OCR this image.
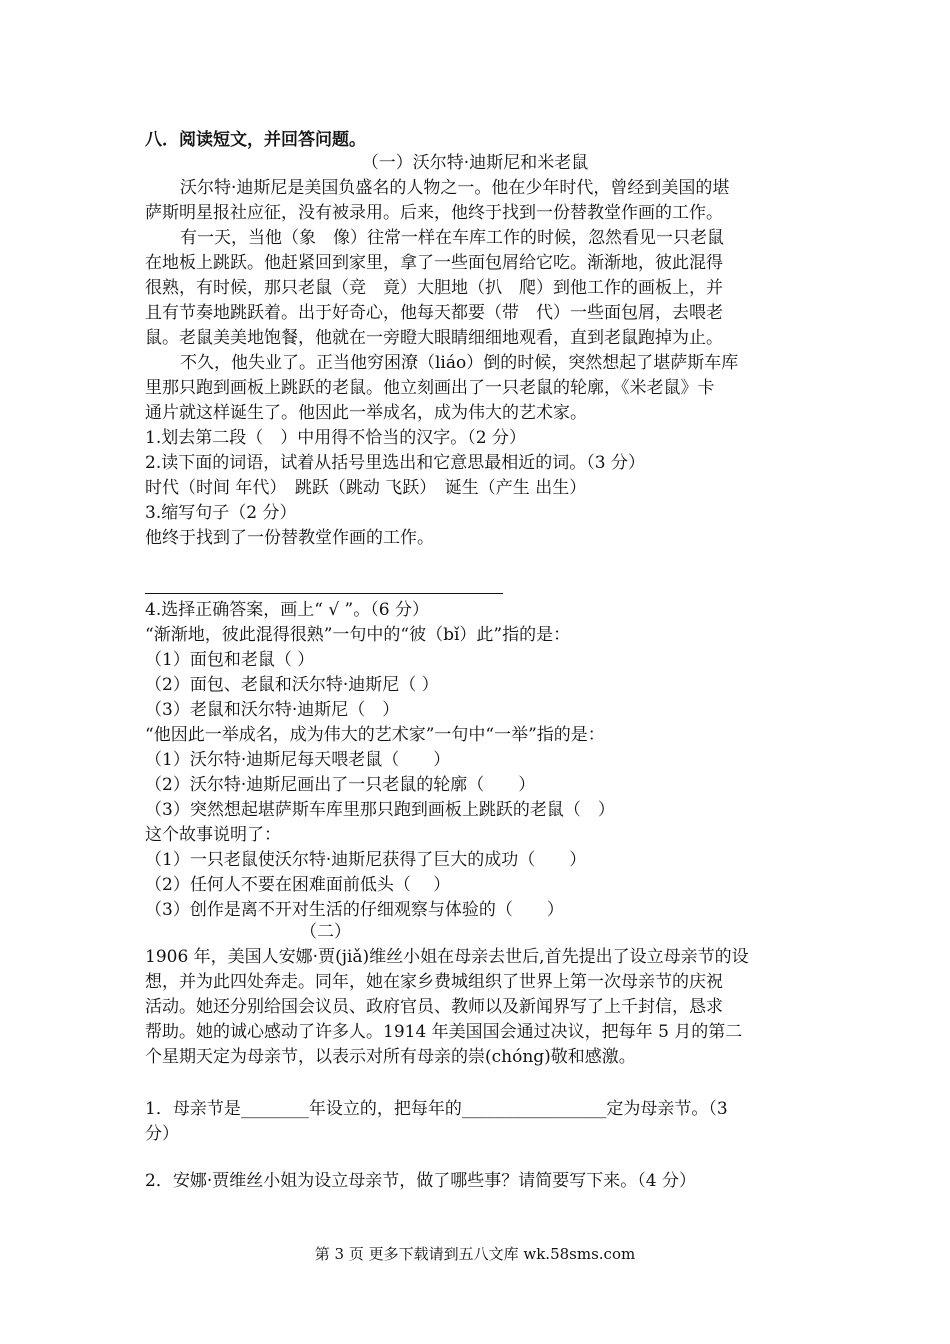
八．阅读短文，并回答问题。
（一）沃尔特·迪斯尼和米老鼠
沃尔特·迪斯尼是美国负盛名的人物之一。他在少年时代，曾经到美国的堪
萨斯明星报社应征，没有被录用。后来，他终于找到一份替教堂作画的工作。
有一天，当他（象　像）往常一样在车库工作的时候，忽然看见一只老鼠
在地板上跳跃。他赶紧回到家里，拿了一些面包屑给它吃。渐渐地，彼此混得
很熟，有时候，那只老鼠（竞　竟）大胆地（扒　爬）到他工作的画板上，并
且有节奏地跳跃着。出于好奇心，他每天都要（带　代）一些面包屑，去喂老
鼠。老鼠美美地饱餐，他就在一旁瞪大眼睛细细地观看，直到老鼠跑掉为止。
不久，他失业了。正当他穷困潦（liáo）倒的时候，突然想起了堪萨斯车库
里那只跑到画板上跳跃的老鼠。他立刻画出了一只老鼠的轮廓，《米老鼠》卡
通片就这样诞生了。他因此一举成名，成为伟大的艺术家。
1.划去第二段（　）中用得不恰当的汉字。（2 分）
2.读下面的词语，试着从括号里选出和它意思最相近的词。（3 分）
时代（时间 年代）　跳跃（跳动 飞跃）　诞生（产生 出生）
3.缩写句子（2 分）
他终于找到了一份替教堂作画的工作。
4.选择正确答案，画上“ √ ”。（6 分）
“渐渐地，彼此混得很熟”一句中的“彼（bǐ）此”指的是：
（1）面包和老鼠（ ）
（2）面包、老鼠和沃尔特·迪斯尼（ ）
（3）老鼠和沃尔特·迪斯尼（　）
“他因此一举成名，成为伟大的艺术家”一句中“一举”指的是：
（1）沃尔特·迪斯尼每天喂老鼠（　　）
（2）沃尔特·迪斯尼画出了一只老鼠的轮廓（　　）
（3）突然想起堪萨斯车库里那只跑到画板上跳跃的老鼠（　）
这个故事说明了：
（1）一只老鼠使沃尔特·迪斯尼获得了巨大的成功（　　）
（2）任何人不要在困难面前低头（　 ）
（3）创作是离不开对生活的仔细观察与体验的（　　）
（二）
1906 年，美国人安娜·贾(jiǎ)维丝小姐在母亲去世后,首先提出了设立母亲节的设
想，并为此四处奔走。同年，她在家乡费城组织了世界上第一次母亲节的庆祝
活动。她还分别给国会议员、政府官员、教师以及新闻界写了上千封信，恳求
帮助。她的诚心感动了许多人。1914 年美国国会通过决议，把每年 5 月的第二
个星期天定为母亲节，以表示对所有母亲的崇(chóng)敬和感激。
1．母亲节是________年设立的，把每年的_________________定为母亲节。（3
分）
2．安娜·贾维丝小姐为设立母亲节，做了哪些事？请简要写下来。（4 分）
第 3 页 更多下载请到五八文库 wk.58sms.com
